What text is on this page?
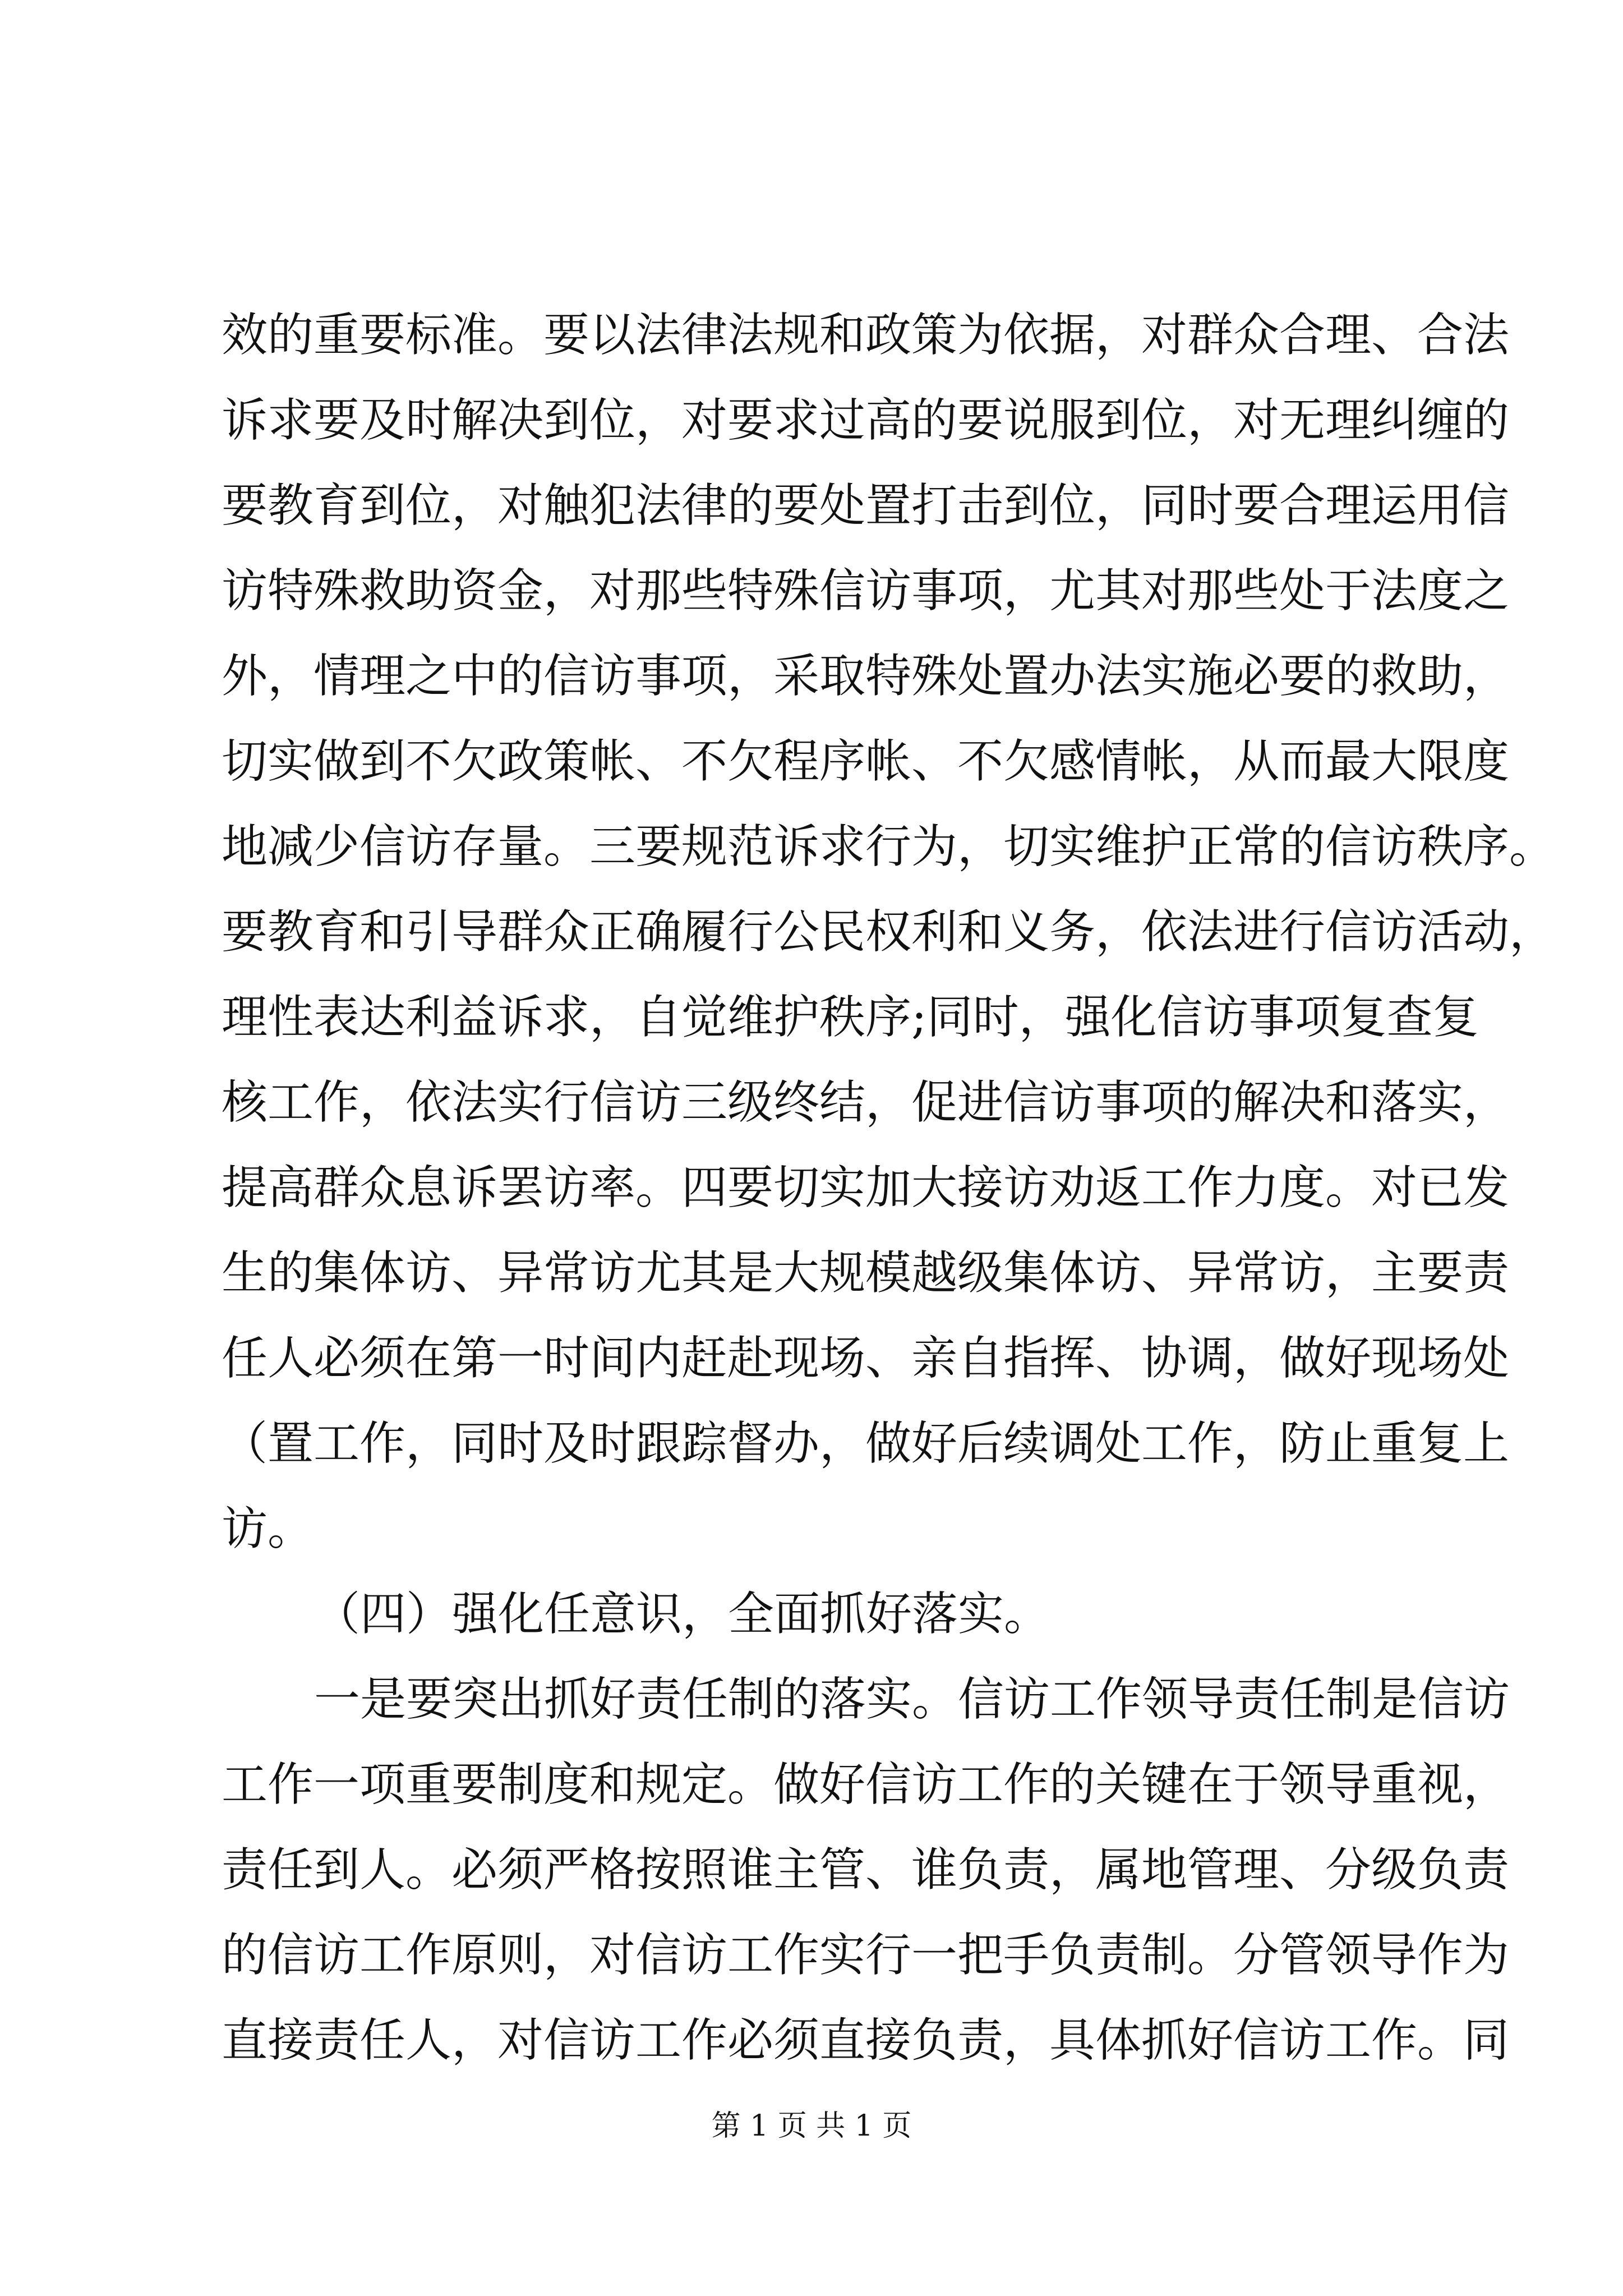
效的重要标准。要以法律法规和政策为依据，对群众合理、合法
诉求要及时解决到位，对要求过高的要说服到位，对无理纠缠的
要教育到位，对触犯法律的要处置打击到位，同时要合理运用信
访特殊救助资金，对那些特殊信访事项，尤其对那些处于法度之
外，情理之中的信访事项，采取特殊处置办法实施必要的救助，
切实做到不欠政策帐、不欠程序帐、不欠感情帐，从而最大限度
地减少信访存量。三要规范诉求行为，切实维护正常的信访秩序。
要教育和引导群众正确履行公民权利和义务，依法进行信访活动，
理性表达利益诉求，自觉维护秩序;同时，强化信访事项复查复
核工作，依法实行信访三级终结，促进信访事项的解决和落实，
提高群众息诉罢访率。四要切实加大接访劝返工作力度。对已发
生的集体访、异常访尤其是大规模越级集体访、异常访，主要责
任人必须在第一时间内赶赴现场、亲自指挥、协调，做好现场处
（置工作，同时及时跟踪督办，做好后续调处工作，防止重复上
访。
（四）强化任意识，全面抓好落实。
一是要突出抓好责任制的落实。信访工作领导责任制是信访
工作一项重要制度和规定。做好信访工作的关键在于领导重视，
责任到人。必须严格按照谁主管、谁负责，属地管理、分级负责
的信访工作原则，对信访工作实行一把手负责制。分管领导作为
直接责任人，对信访工作必须直接负责，具体抓好信访工作。同
第 1 页 共 1 页
